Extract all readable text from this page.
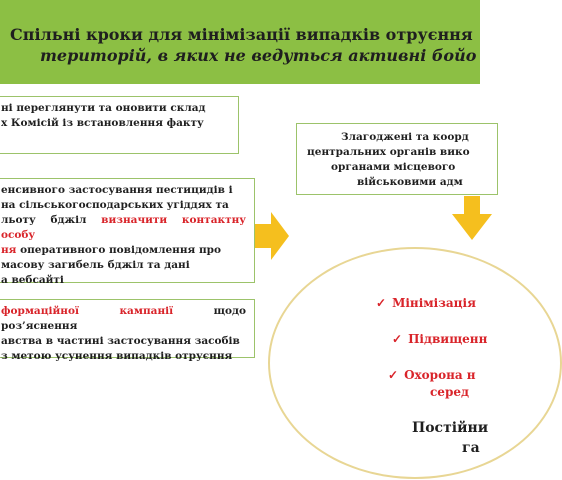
Спільні кроки для мінімізації випадків отруєння
територій, в яких не ведуться активні бойо
ні переглянути та оновити склад
х Комісій із встановлення факту
енсивного застосування пестицидів і
на сільськогосподарських угіддях та
льоту бджіл визначити контактну особу
ня оперативного повідомлення про
масову загибель бджіл та дані
а вебсайті
формаційної кампанії щодо роз’яснення
авства в частині застосування засобів
з метою усунення випадків отруєння
Злагоджені та коорд
центральних органів вико
органами місцевого
військовими адм
✓ Мінімізація
✓ Підвищенн
✓ Охорона н
серед
Постійни
га
